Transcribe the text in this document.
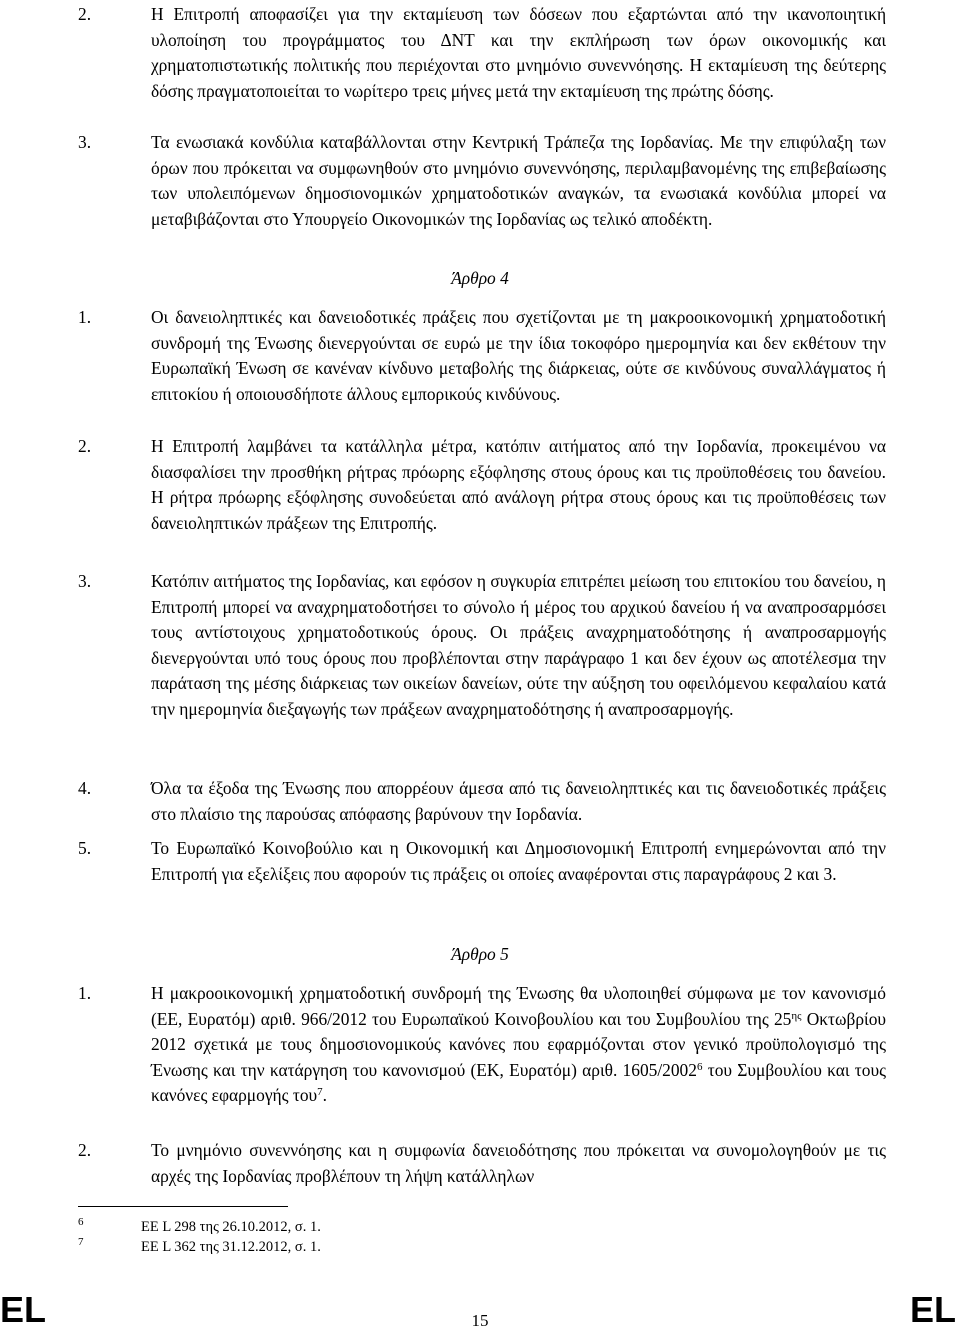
2.	Η Επιτροπή αποφασίζει για την εκταμίευση των δόσεων που εξαρτώνται από την ικανοποιητική υλοποίηση του προγράμματος του ΔΝΤ και την εκπλήρωση των όρων οικονομικής και χρηματοπιστωτικής πολιτικής που περιέχονται στο μνημόνιο συνεννόησης. Η εκταμίευση της δεύτερης δόσης πραγματοποιείται το νωρίτερο τρεις μήνες μετά την εκταμίευση της πρώτης δόσης.
3.	Τα ενωσιακά κονδύλια καταβάλλονται στην Κεντρική Τράπεζα της Ιορδανίας. Με την επιφύλαξη των όρων που πρόκειται να συμφωνηθούν στο μνημόνιο συνεννόησης, περιλαμβανομένης της επιβεβαίωσης των υπολειπόμενων δημοσιονομικών χρηματοδοτικών αναγκών, τα ενωσιακά κονδύλια μπορεί να μεταβιβάζονται στο Υπουργείο Οικονομικών της Ιορδανίας ως τελικό αποδέκτη.
Άρθρο 4
1.	Οι δανειοληπτικές και δανειοδοτικές πράξεις που σχετίζονται με τη μακροοικονομική χρηματοδοτική συνδρομή της Ένωσης διενεργούνται σε ευρώ με την ίδια τοκοφόρο ημερομηνία και δεν εκθέτουν την Ευρωπαϊκή Ένωση σε κανέναν κίνδυνο μεταβολής της διάρκειας, ούτε σε κινδύνους συναλλάγματος ή επιτοκίου ή οποιουσδήποτε άλλους εμπορικούς κινδύνους.
2.	Η Επιτροπή λαμβάνει τα κατάλληλα μέτρα, κατόπιν αιτήματος από την Ιορδανία, προκειμένου να διασφαλίσει την προσθήκη ρήτρας πρόωρης εξόφλησης στους όρους και τις προϋποθέσεις του δανείου. Η ρήτρα πρόωρης εξόφλησης συνοδεύεται από ανάλογη ρήτρα στους όρους και τις προϋποθέσεις των δανειοληπτικών πράξεων της Επιτροπής.
3.	Κατόπιν αιτήματος της Ιορδανίας, και εφόσον η συγκυρία επιτρέπει μείωση του επιτοκίου του δανείου, η Επιτροπή μπορεί να αναχρηματοδοτήσει το σύνολο ή μέρος του αρχικού δανείου ή να αναπροσαρμόσει τους αντίστοιχους χρηματοδοτικούς όρους. Οι πράξεις αναχρηματοδότησης ή αναπροσαρμογής διενεργούνται υπό τους όρους που προβλέπονται στην παράγραφο 1 και δεν έχουν ως αποτέλεσμα την παράταση της μέσης διάρκειας των οικείων δανείων, ούτε την αύξηση του οφειλόμενου κεφαλαίου κατά την ημερομηνία διεξαγωγής των πράξεων αναχρηματοδότησης ή αναπροσαρμογής.
4.	Όλα τα έξοδα της Ένωσης που απορρέουν άμεσα από τις δανειοληπτικές και τις δανειοδοτικές πράξεις στο πλαίσιο της παρούσας απόφασης βαρύνουν την Ιορδανία.
5.	Το Ευρωπαϊκό Κοινοβούλιο και η Οικονομική και Δημοσιονομική Επιτροπή ενημερώνονται από την Επιτροπή για εξελίξεις που αφορούν τις πράξεις οι οποίες αναφέρονται στις παραγράφους 2 και 3.
Άρθρο 5
1.	Η μακροοικονομική χρηματοδοτική συνδρομή της Ένωσης θα υλοποιηθεί σύμφωνα με τον κανονισμό (ΕΕ, Ευρατόμ) αριθ. 966/2012 του Ευρωπαϊκού Κοινοβουλίου και του Συμβουλίου της $25^{\eta\varsigma}$ Οκτωβρίου 2012 σχετικά με τους δημοσιονομικούς κανόνες που εφαρμόζονται στον γενικό προϋπολογισμό της Ένωσης και την κατάργηση του κανονισμού (ΕΚ, Ευρατόμ) αριθ. 1605/2002$^6$ του Συμβουλίου και τους κανόνες εφαρμογής του$^7$.
2.	Το μνημόνιο συνεννόησης και η συμφωνία δανειοδότησης που πρόκειται να συνομολογηθούν με τις αρχές της Ιορδανίας προβλέπουν τη λήψη κατάλληλων
6	ΕΕ L 298 της 26.10.2012, σ. 1.
7	ΕΕ L 362 της 31.12.2012, σ. 1.
EL	15	EL
